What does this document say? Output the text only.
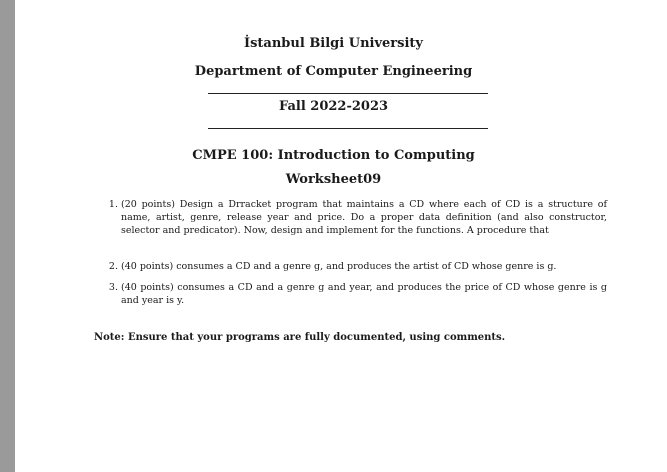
İstanbul Bilgi University
Department of Computer Engineering
Fall 2022-2023
CMPE 100: Introduction to Computing
Worksheet09
1. (20 points) Design a Drracket program that maintains a CD where each of CD is a structure of name, artist, genre, release year and price. Do a proper data definition (and also constructor, selector and predicator). Now, design and implement for the functions. A procedure that
2. (40 points) consumes a CD and a genre g, and produces the artist of CD whose genre is g.
3. (40 points) consumes a CD and a genre g and year, and produces the price of CD whose genre is g and year is y.
Note: Ensure that your programs are fully documented, using comments.
